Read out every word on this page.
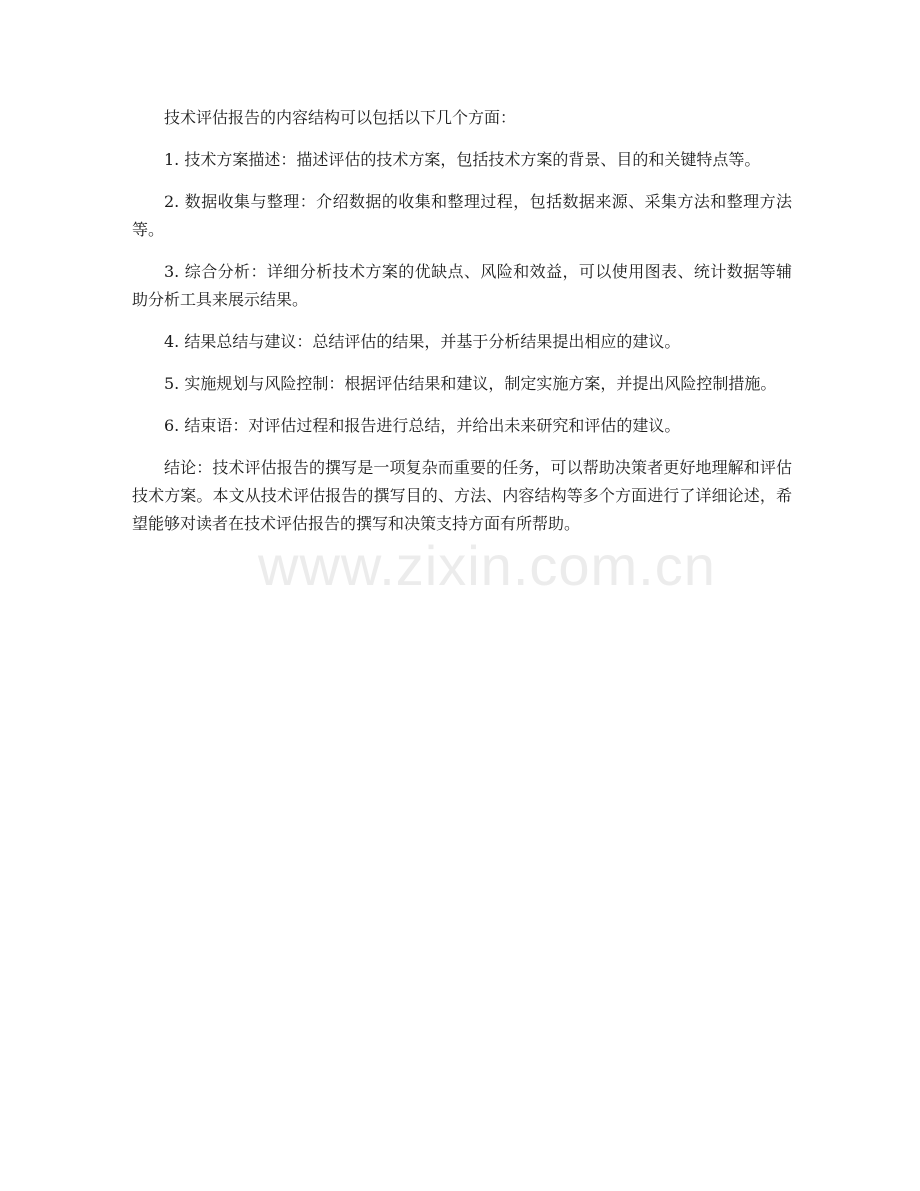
技术评估报告的内容结构可以包括以下几个方面：

1. 技术方案描述：描述评估的技术方案，包括技术方案的背景、目的和关键特点等。

2. 数据收集与整理：介绍数据的收集和整理过程，包括数据来源、采集方法和整理方法等。

3. 综合分析：详细分析技术方案的优缺点、风险和效益，可以使用图表、统计数据等辅助分析工具来展示结果。

4. 结果总结与建议：总结评估的结果，并基于分析结果提出相应的建议。

5. 实施规划与风险控制：根据评估结果和建议，制定实施方案，并提出风险控制措施。

6. 结束语：对评估过程和报告进行总结，并给出未来研究和评估的建议。

结论：技术评估报告的撰写是一项复杂而重要的任务，可以帮助决策者更好地理解和评估技术方案。本文从技术评估报告的撰写目的、方法、内容结构等多个方面进行了详细论述，希望能够对读者在技术评估报告的撰写和决策支持方面有所帮助。

www.zixin.com.cn
